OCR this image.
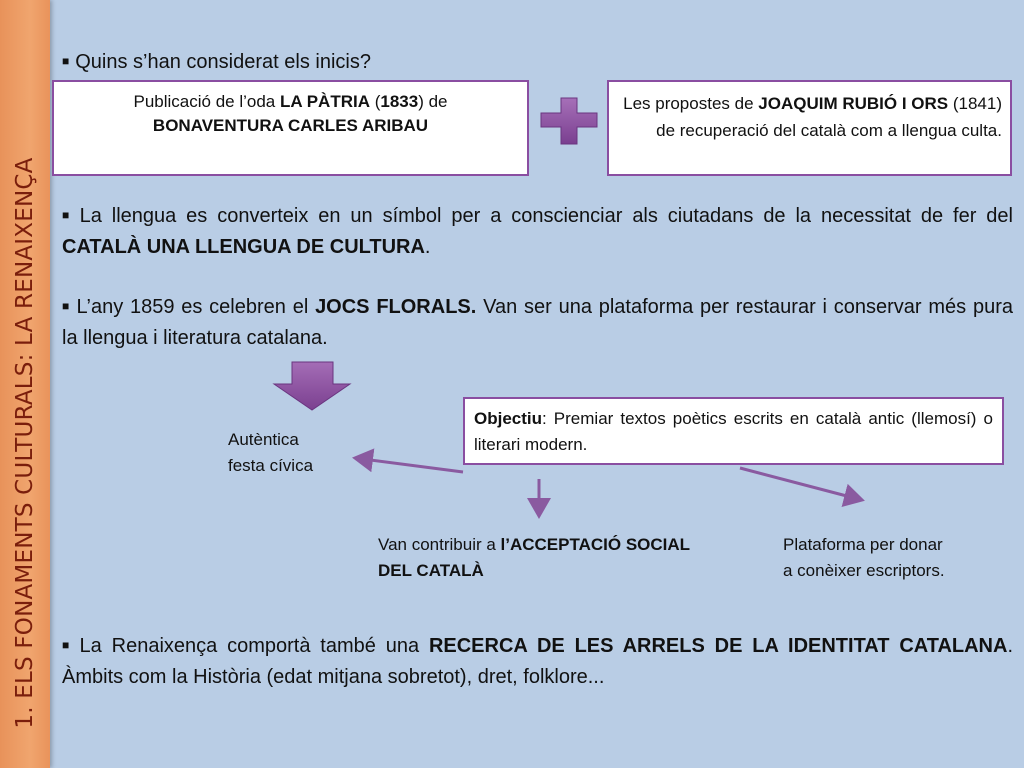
1. ELS FONAMENTS CULTURALS: LA RENAIXENÇA
■ Quins s’han considerat els inicis?
Publicació de l’oda LA PÀTRIA (1833) de
BONAVENTURA CARLES ARIBAU
Les propostes de JOAQUIM RUBIÓ I ORS (1841) de recuperació del català com a llengua culta.
■ La llengua es converteix en un símbol per a conscienciar als ciutadans de la necessitat de fer del CATALÀ UNA LLENGUA DE CULTURA.
■ L’any 1859 es celebren el JOCS FLORALS. Van ser una plataforma per restaurar i conservar més pura la llengua i literatura catalana.
Objectiu: Premiar textos poètics escrits en català antic (llemosí) o literari modern.
Autèntica
festa cívica
Van contribuir a l’ACCEPTACIÓ SOCIAL DEL CATALÀ
Plataforma per donar
a conèixer escriptors.
■ La Renaixença comportà també una RECERCA DE LES ARRELS DE LA IDENTITAT CATALANA. Àmbits com la Història (edat mitjana sobretot), dret, folklore...
